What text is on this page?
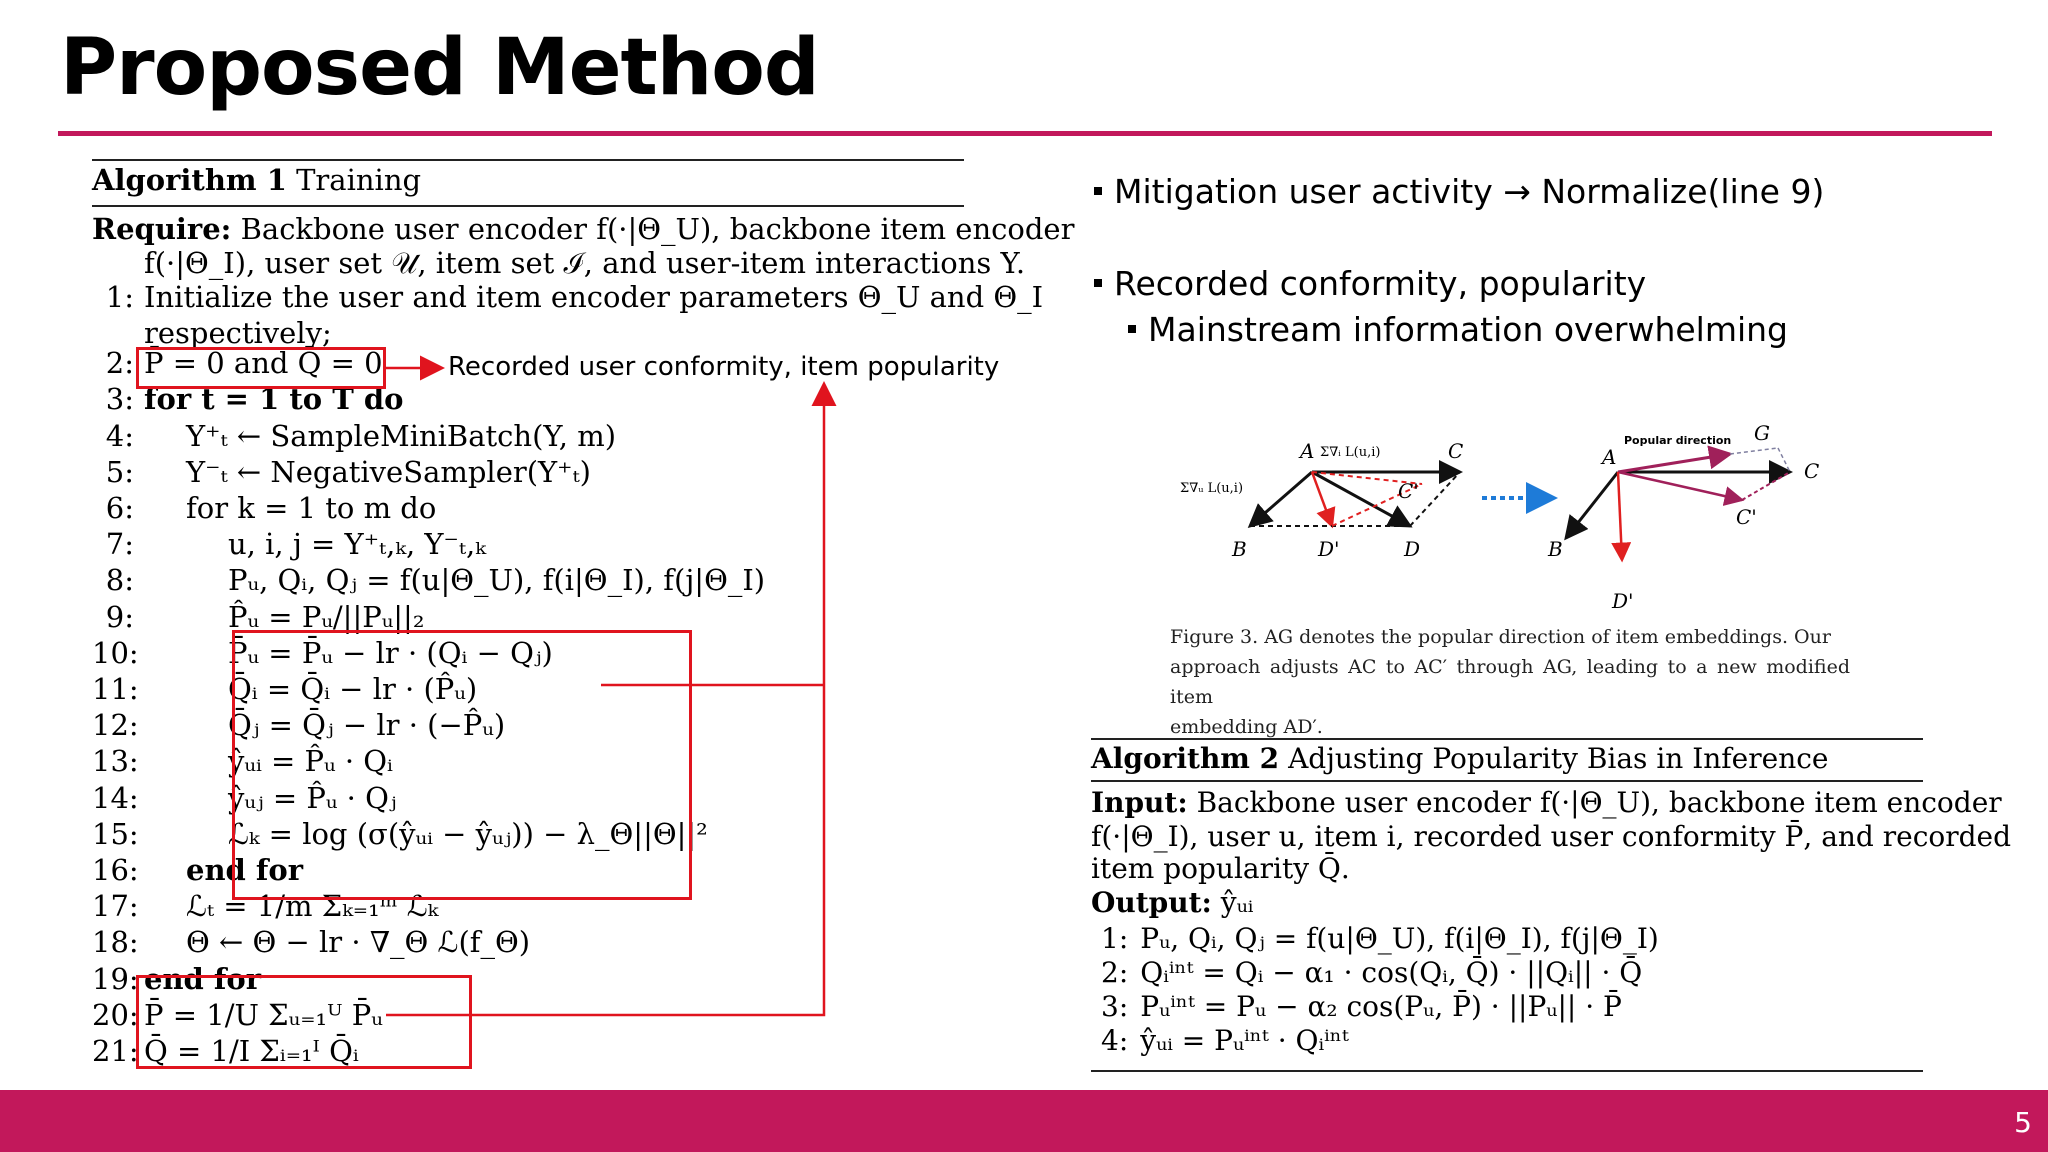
Proposed Method
Algorithm 1 Training
Require: Backbone user encoder f(·|Θ_U), backbone item encoder
f(·|Θ_I), user set 𝒰, item set ℐ, and user-item interactions Y.
1: Initialize the user and item encoder parameters Θ_U and Θ_I
respectively;
2: P̄ = 0 and Q̄ = 0
3: for t = 1 to T do
4: Y⁺ₜ ← SampleMiniBatch(Y, m)
5: Y⁻ₜ ← NegativeSampler(Y⁺ₜ)
6: for k = 1 to m do
7:	u, i, j = Y⁺ₜ,ₖ, Y⁻ₜ,ₖ
8:	Pᵤ, Qᵢ, Qⱼ = f(u|Θ_U), f(i|Θ_I), f(j|Θ_I)
9:	P̂ᵤ = Pᵤ/||Pᵤ||₂
10:	P̄ᵤ = P̄ᵤ − lr · (Qᵢ − Qⱼ)
11:	Q̄ᵢ = Q̄ᵢ − lr · (P̂ᵤ)
12:	Q̄ⱼ = Q̄ⱼ − lr · (−P̂ᵤ)
13:	ŷᵤᵢ = P̂ᵤ · Qᵢ
14:	ŷᵤⱼ = P̂ᵤ · Qⱼ
15:	ℒₖ = log (σ(ŷᵤᵢ − ŷᵤⱼ)) − λ_Θ||Θ||²
16: end for
17: ℒₜ = 1/m Σₖ₌₁ᵐ ℒₖ
18: Θ ← Θ − lr · ∇_Θ ℒ(f_Θ)
19: end for
20: P̄ = 1/U Σᵤ₌₁ᵁ P̄ᵤ
21: Q̄ = 1/I Σᵢ₌₁ᴵ Q̄ᵢ
Recorded user conformity, item popularity
Mitigation user activity → Normalize(line 9)
Recorded conformity, popularity
Mainstream information overwhelming
A Σ∇ᵢ L(u,i)	C
Σ∇ᵤ L(u,i)	C'
B	D'	D
A
Popular direction G
C
C'
B
D'
Figure 3. AG denotes the popular direction of item embeddings. Our
approach adjusts AC to AC′ through AG, leading to a new modified item
embedding AD′.
Algorithm 2 Adjusting Popularity Bias in Inference
Input: Backbone user encoder f(·|Θ_U), backbone item encoder
f(·|Θ_I), user u, item i, recorded user conformity P̄, and recorded
item popularity Q̄.
Output: ŷᵤᵢ
1: Pᵤ, Qᵢ, Qⱼ = f(u|Θ_U), f(i|Θ_I), f(j|Θ_I)
2: Qᵢⁱⁿᵗ = Qᵢ − α₁ · cos(Qᵢ, Q̄) · ||Qᵢ|| · Q̄
3: Pᵤⁱⁿᵗ = Pᵤ − α₂ cos(Pᵤ, P̄) · ||Pᵤ|| · P̄
4: ŷᵤᵢ = Pᵤⁱⁿᵗ · Qᵢⁱⁿᵗ
5
